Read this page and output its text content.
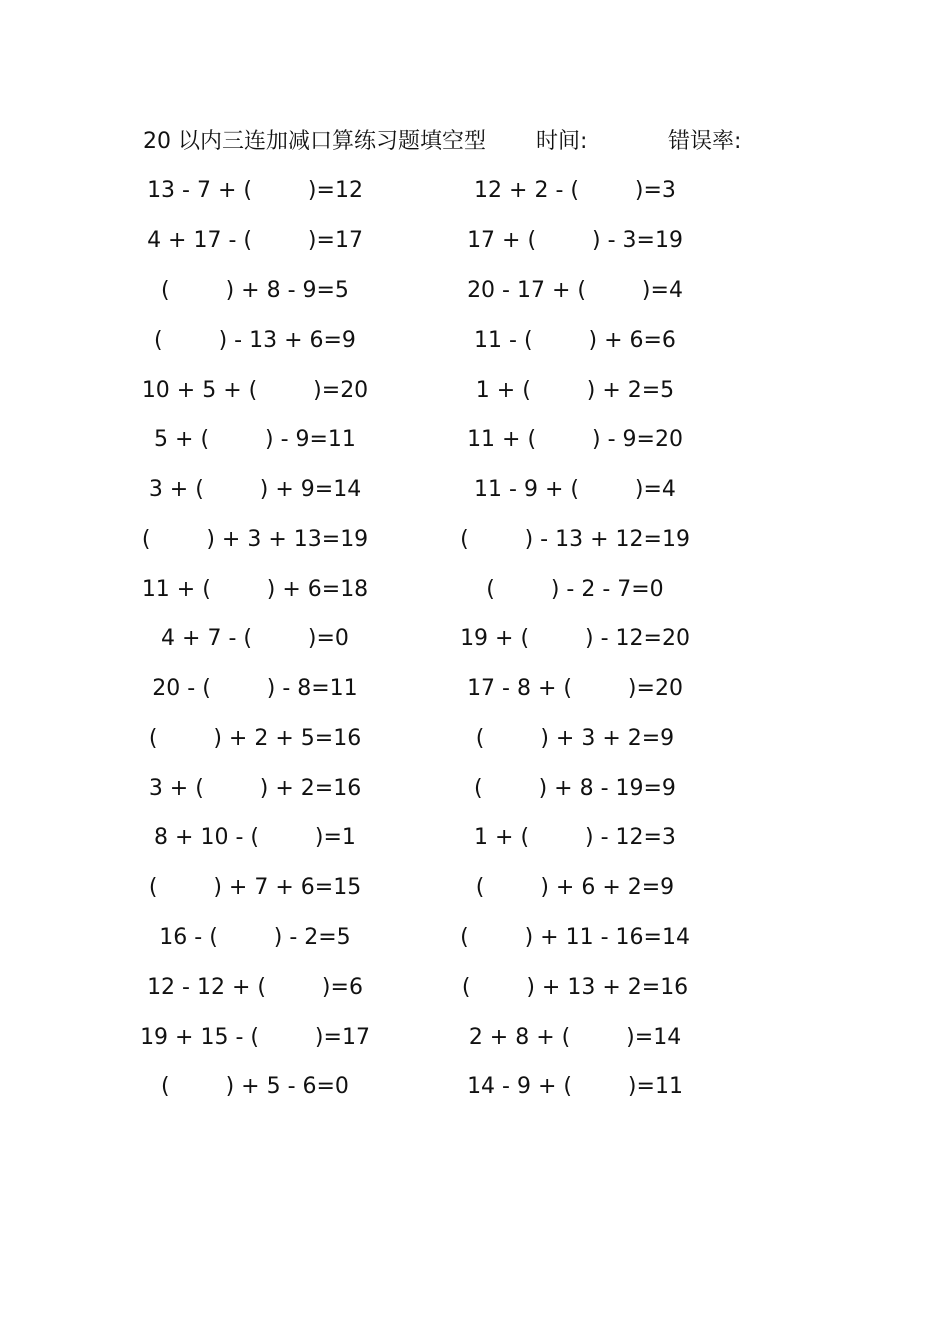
20 以内三连加减口算练习题填空型 时间:	错误率:
13 - 7 + (        )=12	12 + 2 - (        )=3
4 + 17 - (        )=17	17 + (        ) - 3=19
(        ) + 8 - 9=5	20 - 17 + (        )=4
(        ) - 13 + 6=9	11 - (        ) + 6=6
10 + 5 + (        )=20	1 + (        ) + 2=5
5 + (        ) - 9=11	11 + (        ) - 9=20
3 + (        ) + 9=14	11 - 9 + (        )=4
(        ) + 3 + 13=19	(        ) - 13 + 12=19
11 + (        ) + 6=18	(        ) - 2 - 7=0
4 + 7 - (        )=0	19 + (        ) - 12=20
20 - (        ) - 8=11	17 - 8 + (        )=20
(        ) + 2 + 5=16	(        ) + 3 + 2=9
3 + (        ) + 2=16	(        ) + 8 - 19=9
8 + 10 - (        )=1	1 + (        ) - 12=3
(        ) + 7 + 6=15	(        ) + 6 + 2=9
16 - (        ) - 2=5	(        ) + 11 - 16=14
12 - 12 + (        )=6	(        ) + 13 + 2=16
19 + 15 - (        )=17	2 + 8 + (        )=14
(        ) + 5 - 6=0	14 - 9 + (        )=11
